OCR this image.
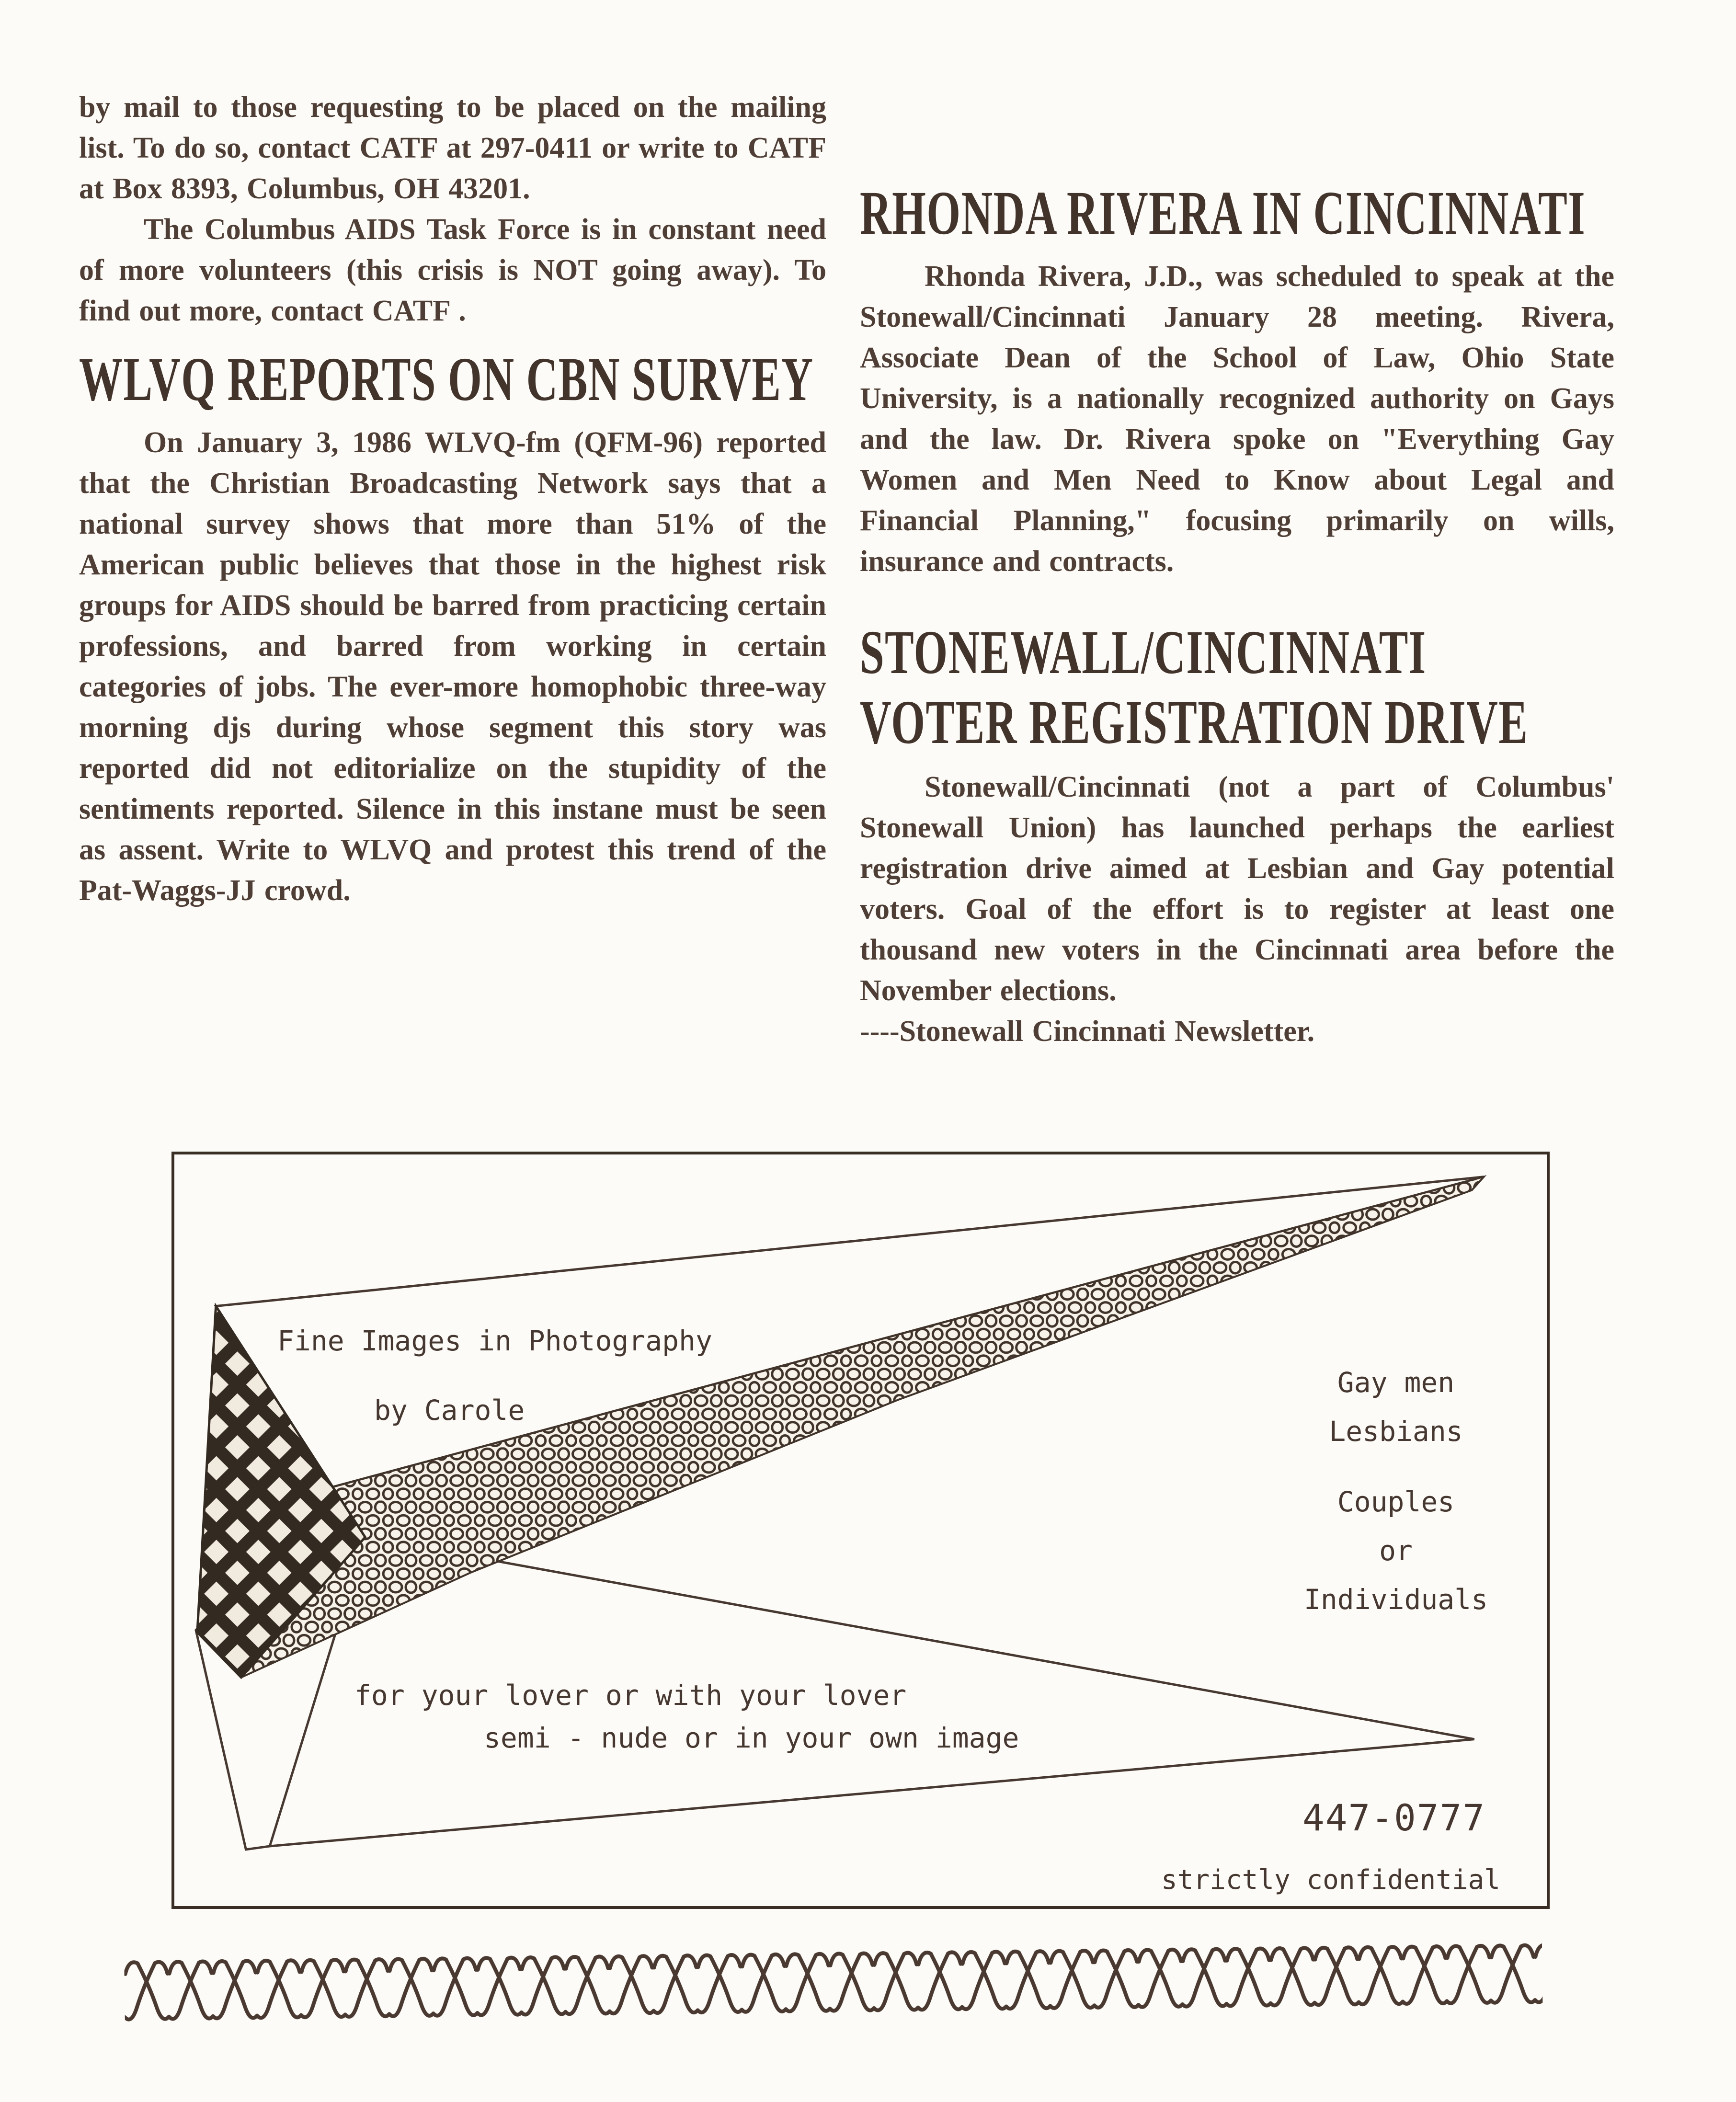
by mail to those requesting to be placed on the mailing list. To do so, contact CATF at 297-0411 or write to CATF at Box 8393, Columbus, OH 43201.

The Columbus AIDS Task Force is in constant need of more volunteers (this crisis is NOT going away). To find out more, contact CATF .

WLVQ REPORTS ON CBN SURVEY

On January 3, 1986 WLVQ-fm (QFM-96) reported that the Christian Broadcasting Network says that a national survey shows that more than 51% of the American public believes that those in the highest risk groups for AIDS should be barred from practicing certain professions, and barred from working in certain categories of jobs. The ever-more homophobic three-way morning djs during whose segment this story was reported did not editorialize on the stupidity of the sentiments reported. Silence in this instane must be seen as assent. Write to WLVQ and protest this trend of the Pat-Waggs-JJ crowd.

RHONDA RIVERA IN CINCINNATI

Rhonda Rivera, J.D., was scheduled to speak at the Stonewall/Cincinnati January 28 meeting. Rivera, Associate Dean of the School of Law, Ohio State University, is a nationally recognized authority on Gays and the law. Dr. Rivera spoke on "Everything Gay Women and Men Need to Know about Legal and Financial Planning," focusing primarily on wills, insurance and contracts.

STONEWALL/CINCINNATI
VOTER REGISTRATION DRIVE

Stonewall/Cincinnati (not a part of Columbus' Stonewall Union) has launched perhaps the earliest registration drive aimed at Lesbian and Gay potential voters. Goal of the effort is to register at least one thousand new voters in the Cincinnati area before the November elections.

----Stonewall Cincinnati Newsletter.

Fine Images in Photography
by Carole
Gay men
Lesbians
Couples
or
Individuals
for your lover or with your lover
semi - nude or in your own image
447-0777
strictly confidential
